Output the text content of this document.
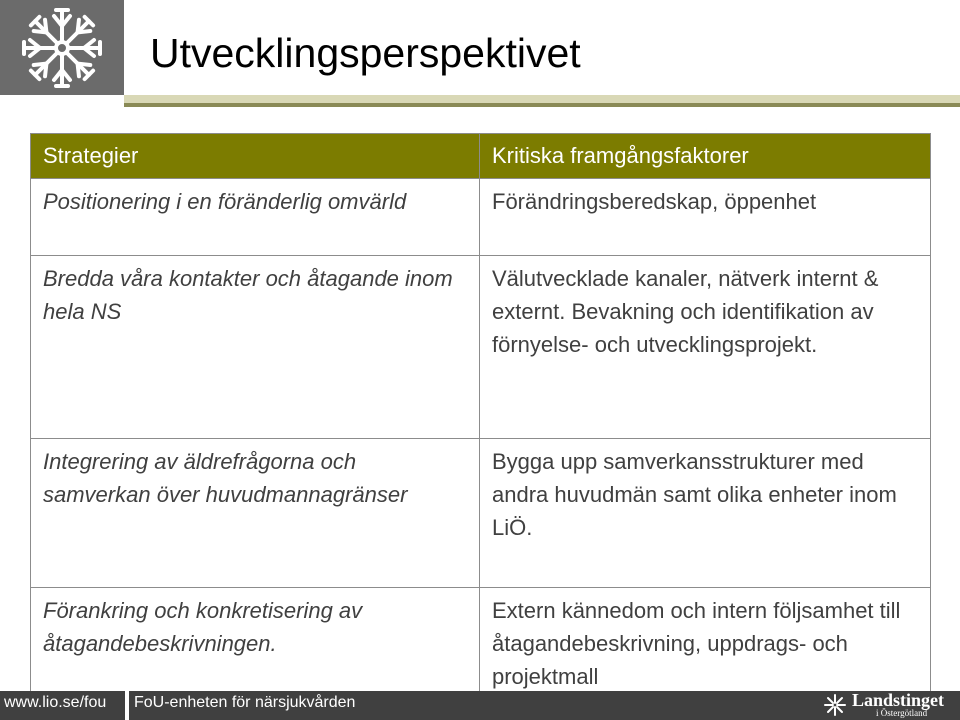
Utvecklingsperspektivet
Strategier	Kritiska framgångsfaktorer
Positionering i en föränderlig omvärld	Förändringsberedskap, öppenhet
Bredda våra kontakter och åtagande inom hela NS	Välutvecklade kanaler, nätverk internt & externt. Bevakning och identifikation av förnyelse- och utvecklingsprojekt.
Integrering av äldrefrågorna och samverkan över huvudmannagränser	Bygga upp samverkansstrukturer med andra huvudmän samt olika enheter inom LiÖ.
Förankring och konkretisering av åtagandebeskrivningen.	Extern kännedom och intern följsamhet till åtagandebeskrivning, uppdrags- och projektmall
www.lio.se/fou FoU-enheten för närsjukvården	Landstinget
i Östergötland
